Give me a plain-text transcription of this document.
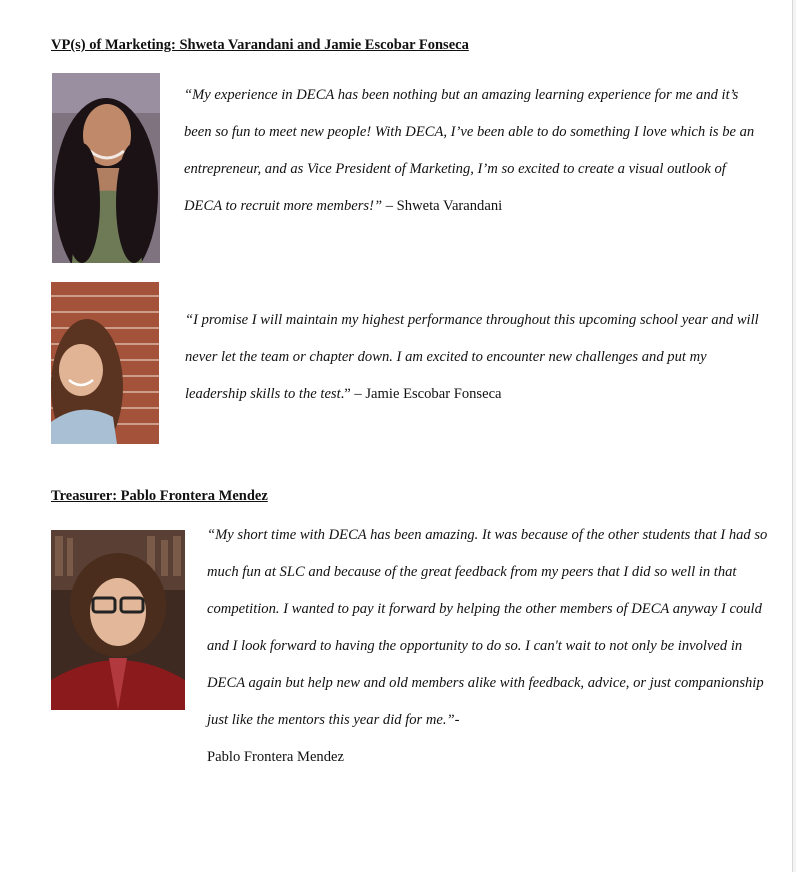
VP(s) of Marketing: Shweta Varandani and Jamie Escobar Fonseca

“My experience in DECA has been nothing but an amazing learning experience for me and it’s been so fun to meet new people! With DECA, I’ve been able to do something I love which is be an entrepreneur, and as Vice President of Marketing, I’m so excited to create a visual outlook of DECA to recruit more members!” – Shweta Varandani

“I promise I will maintain my highest performance throughout this upcoming school year and will never let the team or chapter down. I am excited to encounter new challenges and put my leadership skills to the test.” – Jamie Escobar Fonseca

Treasurer: Pablo Frontera Mendez

“My short time with DECA has been amazing. It was because of the other students that I had so much fun at SLC and because of the great feedback from my peers that I did so well in that competition. I wanted to pay it forward by helping the other members of DECA anyway I could and I look forward to having the opportunity to do so. I can't wait to not only be involved in DECA again but help new and old members alike with feedback, advice, or just companionship just like the mentors this year did for me.”-
Pablo Frontera Mendez
